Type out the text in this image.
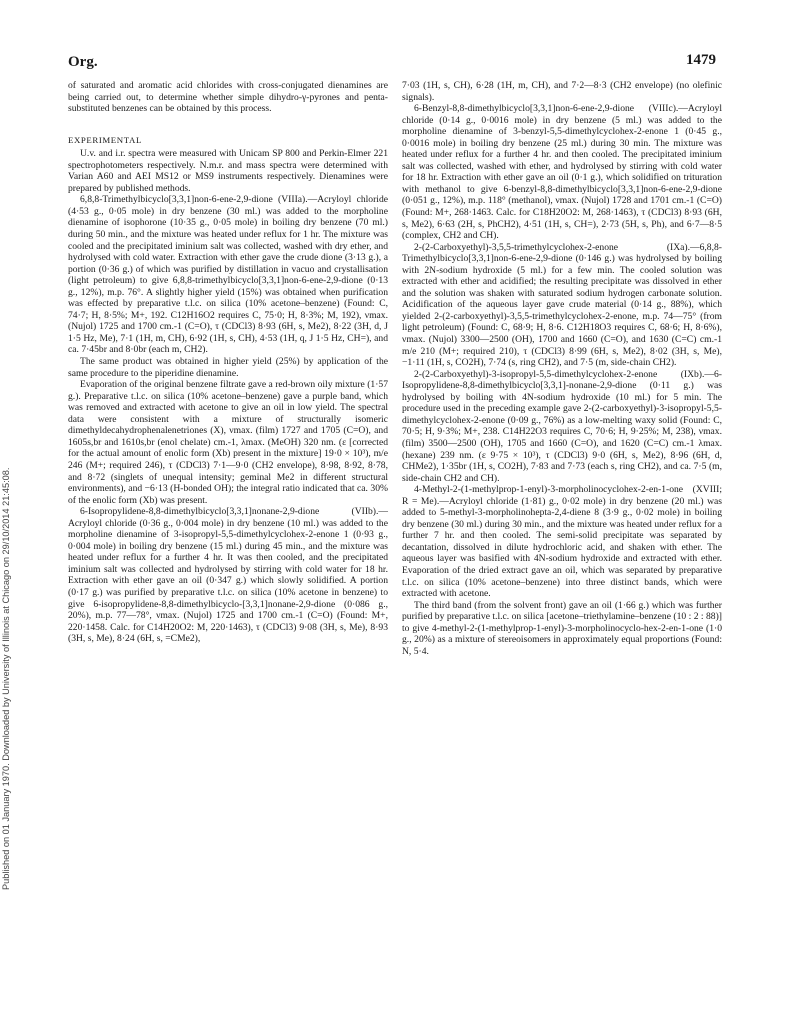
Published on 01 January 1970. Downloaded by University of Illinois at Chicago on 29/10/2014 21:45:08.
Org.	1479

of saturated and aromatic acid chlorides with cross-conjugated dienamines are being carried out, to determine whether simple dihydro-γ-pyrones and penta-substituted benzenes can be obtained by this process.

EXPERIMENTAL

U.v. and i.r. spectra were measured with Unicam SP 800 and Perkin-Elmer 221 spectrophotometers respectively. N.m.r. and mass spectra were determined with Varian A60 and AEI MS12 or MS9 instruments respectively. Dienamines were prepared by published methods.

6,8,8-Trimethylbicyclo[3,3,1]non-6-ene-2,9-dione (VIIIa).—Acryloyl chloride (4·53 g., 0·05 mole) in dry benzene (30 ml.) was added to the morpholine dienamine of isophorone (10·35 g., 0·05 mole) in boiling dry benzene (70 ml.) during 50 min., and the mixture was heated under reflux for 1 hr. The mixture was cooled and the precipitated iminium salt was collected, washed with dry ether, and hydrolysed with cold water. Extraction with ether gave the crude dione (3·13 g.), a portion (0·36 g.) of which was purified by distillation in vacuo and crystallisation (light petroleum) to give 6,8,8-trimethylbicyclo[3,3,1]non-6-ene-2,9-dione (0·13 g., 12%), m.p. 76°. A slightly higher yield (15%) was obtained when purification was effected by preparative t.l.c. on silica (10% acetone–benzene) (Found: C, 74·7; H, 8·5%; M+, 192. C12H16O2 requires C, 75·0; H, 8·3%; M, 192), νmax. (Nujol) 1725 and 1700 cm.-1 (C=O), τ (CDCl3) 8·93 (6H, s, Me2), 8·22 (3H, d, J 1·5 Hz, Me), 7·1 (1H, m, CH), 6·92 (1H, s, CH), 4·53 (1H, q, J 1·5 Hz, CH=), and ca. 7·45br and 8·0br (each m, CH2).

The same product was obtained in higher yield (25%) by application of the same procedure to the piperidine dienamine.

Evaporation of the original benzene filtrate gave a red-brown oily mixture (1·57 g.). Preparative t.l.c. on silica (10% acetone–benzene) gave a purple band, which was removed and extracted with acetone to give an oil in low yield. The spectral data were consistent with a mixture of structurally isomeric dimethyldecahydrophenalenetriones (X), νmax. (film) 1727 and 1705 (C=O), and 1605s,br and 1610s,br (enol chelate) cm.-1, λmax. (MeOH) 320 nm. (ε [corrected for the actual amount of enolic form (Xb) present in the mixture] 19·0 × 10³), m/e 246 (M+; required 246), τ (CDCl3) 7·1—9·0 (CH2 envelope), 8·98, 8·92, 8·78, and 8·72 (singlets of unequal intensity; geminal Me2 in different structural environments), and −6·13 (H-bonded OH); the integral ratio indicated that ca. 30% of the enolic form (Xb) was present.

6-Isopropylidene-8,8-dimethylbicyclo[3,3,1]nonane-2,9-dione (VIIb).—Acryloyl chloride (0·36 g., 0·004 mole) in dry benzene (10 ml.) was added to the morpholine dienamine of 3-isopropyl-5,5-dimethylcyclohex-2-enone 1 (0·93 g., 0·004 mole) in boiling dry benzene (15 ml.) during 45 min., and the mixture was heated under reflux for a further 4 hr. It was then cooled, and the precipitated iminium salt was collected and hydrolysed by stirring with cold water for 18 hr. Extraction with ether gave an oil (0·347 g.) which slowly solidified. A portion (0·17 g.) was purified by preparative t.l.c. on silica (10% acetone in benzene) to give 6-isopropylidene-8,8-dimethylbicyclo-[3,3,1]nonane-2,9-dione (0·086 g., 20%), m.p. 77—78°, νmax. (Nujol) 1725 and 1700 cm.-1 (C=O) (Found: M+, 220·1458. Calc. for C14H20O2: M, 220·1463), τ (CDCl3) 9·08 (3H, s, Me), 8·93 (3H, s, Me), 8·24 (6H, s, =CMe2),

7·03 (1H, s, CH), 6·28 (1H, m, CH), and 7·2—8·3 (CH2 envelope) (no olefinic signals).

6-Benzyl-8,8-dimethylbicyclo[3,3,1]non-6-ene-2,9-dione (VIIIc).—Acryloyl chloride (0·14 g., 0·0016 mole) in dry benzene (5 ml.) was added to the morpholine dienamine of 3-benzyl-5,5-dimethylcyclohex-2-enone 1 (0·45 g., 0·0016 mole) in boiling dry benzene (25 ml.) during 30 min. The mixture was heated under reflux for a further 4 hr. and then cooled. The precipitated iminium salt was collected, washed with ether, and hydrolysed by stirring with cold water for 18 hr. Extraction with ether gave an oil (0·1 g.), which solidified on trituration with methanol to give 6-benzyl-8,8-dimethylbicyclo[3,3,1]non-6-ene-2,9-dione (0·051 g., 12%), m.p. 118° (methanol), νmax. (Nujol) 1728 and 1701 cm.-1 (C=O) (Found: M+, 268·1463. Calc. for C18H20O2: M, 268·1463), τ (CDCl3) 8·93 (6H, s, Me2), 6·63 (2H, s, PhCH2), 4·51 (1H, s, CH=), 2·73 (5H, s, Ph), and 6·7—8·5 (complex, CH2 and CH).

2-(2-Carboxyethyl)-3,5,5-trimethylcyclohex-2-enone (IXa).—6,8,8-Trimethylbicyclo[3,3,1]non-6-ene-2,9-dione (0·146 g.) was hydrolysed by boiling with 2N-sodium hydroxide (5 ml.) for a few min. The cooled solution was extracted with ether and acidified; the resulting precipitate was dissolved in ether and the solution was shaken with saturated sodium hydrogen carbonate solution. Acidification of the aqueous layer gave crude material (0·14 g., 88%), which yielded 2-(2-carboxyethyl)-3,5,5-trimethylcyclohex-2-enone, m.p. 74—75° (from light petroleum) (Found: C, 68·9; H, 8·6. C12H18O3 requires C, 68·6; H, 8·6%), νmax. (Nujol) 3300—2500 (OH), 1700 and 1660 (C=O), and 1630 (C=C) cm.-1 m/e 210 (M+; required 210), τ (CDCl3) 8·99 (6H, s, Me2), 8·02 (3H, s, Me), −1·11 (1H, s, CO2H), 7·74 (s, ring CH2), and 7·5 (m, side-chain CH2).

2-(2-Carboxyethyl)-3-isopropyl-5,5-dimethylcyclohex-2-enone (IXb).—6-Isopropylidene-8,8-dimethylbicyclo[3,3,1]-nonane-2,9-dione (0·11 g.) was hydrolysed by boiling with 4N-sodium hydroxide (10 ml.) for 5 min. The procedure used in the preceding example gave 2-(2-carboxyethyl)-3-isopropyl-5,5-dimethylcyclohex-2-enone (0·09 g., 76%) as a low-melting waxy solid (Found: C, 70·5; H, 9·3%; M+, 238. C14H22O3 requires C, 70·6; H, 9·25%; M, 238), νmax. (film) 3500—2500 (OH), 1705 and 1660 (C=O), and 1620 (C=C) cm.-1 λmax. (hexane) 239 nm. (ε 9·75 × 10³), τ (CDCl3) 9·0 (6H, s, Me2), 8·96 (6H, d, CHMe2), 1·35br (1H, s, CO2H), 7·83 and 7·73 (each s, ring CH2), and ca. 7·5 (m, side-chain CH2 and CH).

4-Methyl-2-(1-methylprop-1-enyl)-3-morpholinocyclohex-2-en-1-one (XVIII; R = Me).—Acryloyl chloride (1·81) g., 0·02 mole) in dry benzene (20 ml.) was added to 5-methyl-3-morpholinohepta-2,4-diene 8 (3·9 g., 0·02 mole) in boiling dry benzene (30 ml.) during 30 min., and the mixture was heated under reflux for a further 7 hr. and then cooled. The semi-solid precipitate was separated by decantation, dissolved in dilute hydrochloric acid, and shaken with ether. The aqueous layer was basified with 4N-sodium hydroxide and extracted with ether. Evaporation of the dried extract gave an oil, which was separated by preparative t.l.c. on silica (10% acetone–benzene) into three distinct bands, which were extracted with acetone.

The third band (from the solvent front) gave an oil (1·66 g.) which was further purified by preparative t.l.c. on silica [acetone–triethylamine–benzene (10 : 2 : 88)] to give 4-methyl-2-(1-methylprop-1-enyl)-3-morpholinocyclo-hex-2-en-1-one (1·0 g., 20%) as a mixture of stereoisomers in approximately equal proportions (Found: N, 5·4.
